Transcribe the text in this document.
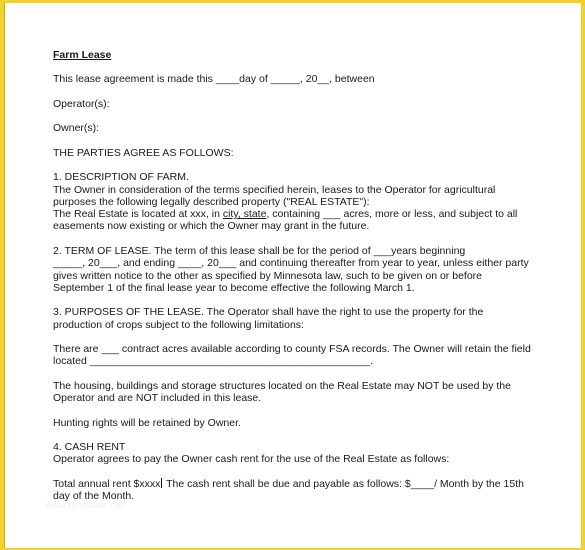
Farm Lease

This lease agreement is made this ____day of _____, 20__, between

Operator(s):

Owner(s):

THE PARTIES AGREE AS FOLLOWS:

1. DESCRIPTION OF FARM.

The Owner in consideration of the terms specified herein, leases to the Operator for agricultural

purposes the following legally described property ("REAL ESTATE"):

The Real Estate is located at xxx, in city, state, containing ___ acres, more or less, and subject to all

easements now existing or which the Owner may grant in the future.

2. TERM OF LEASE. The term of this lease shall be for the period of ___years beginning

_____, 20___, and ending ____, 20___ and continuing thereafter from year to year, unless either party

gives written notice to the other as specified by Minnesota law, such to be given on or before

September 1 of the final lease year to become effective the following March 1.

3. PURPOSES OF THE LEASE. The Operator shall have the right to use the property for the

production of crops subject to the following limitations:

There are ___ contract acres available according to county FSA records. The Owner will retain the field

located ________________________________________________.

The housing, buildings and storage structures located on the Real Estate may NOT be used by the

Operator and are NOT included in this lease.

Hunting rights will be retained by Owner.

4. CASH RENT

Operator agrees to pay the Owner cash rent for the use of the Real Estate as follows:

Total annual rent $xxxx The cash rent shall be due and payable as follows: $____/ Month by the 15th

day of the Month.

www.template.net
